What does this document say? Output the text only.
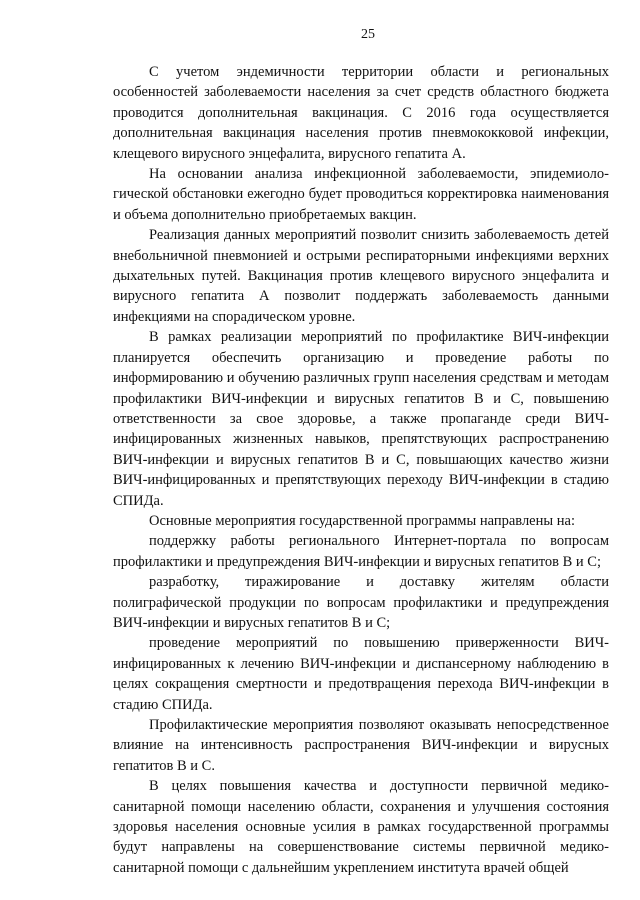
25

С учетом эндемичности территории области и региональных особенностей заболеваемости населения за счет средств областного бюджета проводится дополнительная вакцинация. С 2016 года осуществляется дополнительная вакцинация населения против пневмококковой инфекции, клещевого вирусного энцефалита, вирусного гепатита А.

На основании анализа инфекционной заболеваемости, эпидемиологической обстановки ежегодно будет проводиться корректировка наименования и объема дополнительно приобретаемых вакцин.

Реализация данных мероприятий позволит снизить заболеваемость детей внебольничной пневмонией и острыми респираторными инфекциями верхних дыхательных путей. Вакцинация против клещевого вирусного энцефалита и вирусного гепатита А позволит поддержать заболеваемость данными инфекциями на спорадическом уровне.

В рамках реализации мероприятий по профилактике ВИЧ-инфекции планируется обеспечить организацию и проведение работы по информированию и обучению различных групп населения средствам и методам профилактики ВИЧ-инфекции и вирусных гепатитов В и С, повышению ответственности за свое здоровье, а также пропаганде среди ВИЧ-инфицированных жизненных навыков, препятствующих распространению ВИЧ-инфекции и вирусных гепатитов В и С, повышающих качество жизни ВИЧ-инфицированных и препятствующих переходу ВИЧ-инфекции в стадию СПИДа.

Основные мероприятия государственной программы направлены на:

поддержку работы регионального Интернет-портала по вопросам профилактики и предупреждения ВИЧ-инфекции и вирусных гепатитов В и С;

разработку, тиражирование и доставку жителям области полиграфической продукции по вопросам профилактики и предупреждения ВИЧ-инфекции и вирусных гепатитов В и С;

проведение мероприятий по повышению приверженности ВИЧ-инфицированных к лечению ВИЧ-инфекции и диспансерному наблюдению в целях сокращения смертности и предотвращения перехода ВИЧ-инфекции в стадию СПИДа.

Профилактические мероприятия позволяют оказывать непосредственное влияние на интенсивность распространения ВИЧ-инфекции и вирусных гепатитов В и С.

В целях повышения качества и доступности первичной медико-санитарной помощи населению области, сохранения и улучшения состояния здоровья населения основные усилия в рамках государственной программы будут направлены на совершенствование системы первичной медико-санитарной помощи с дальнейшим укреплением института врачей общей
